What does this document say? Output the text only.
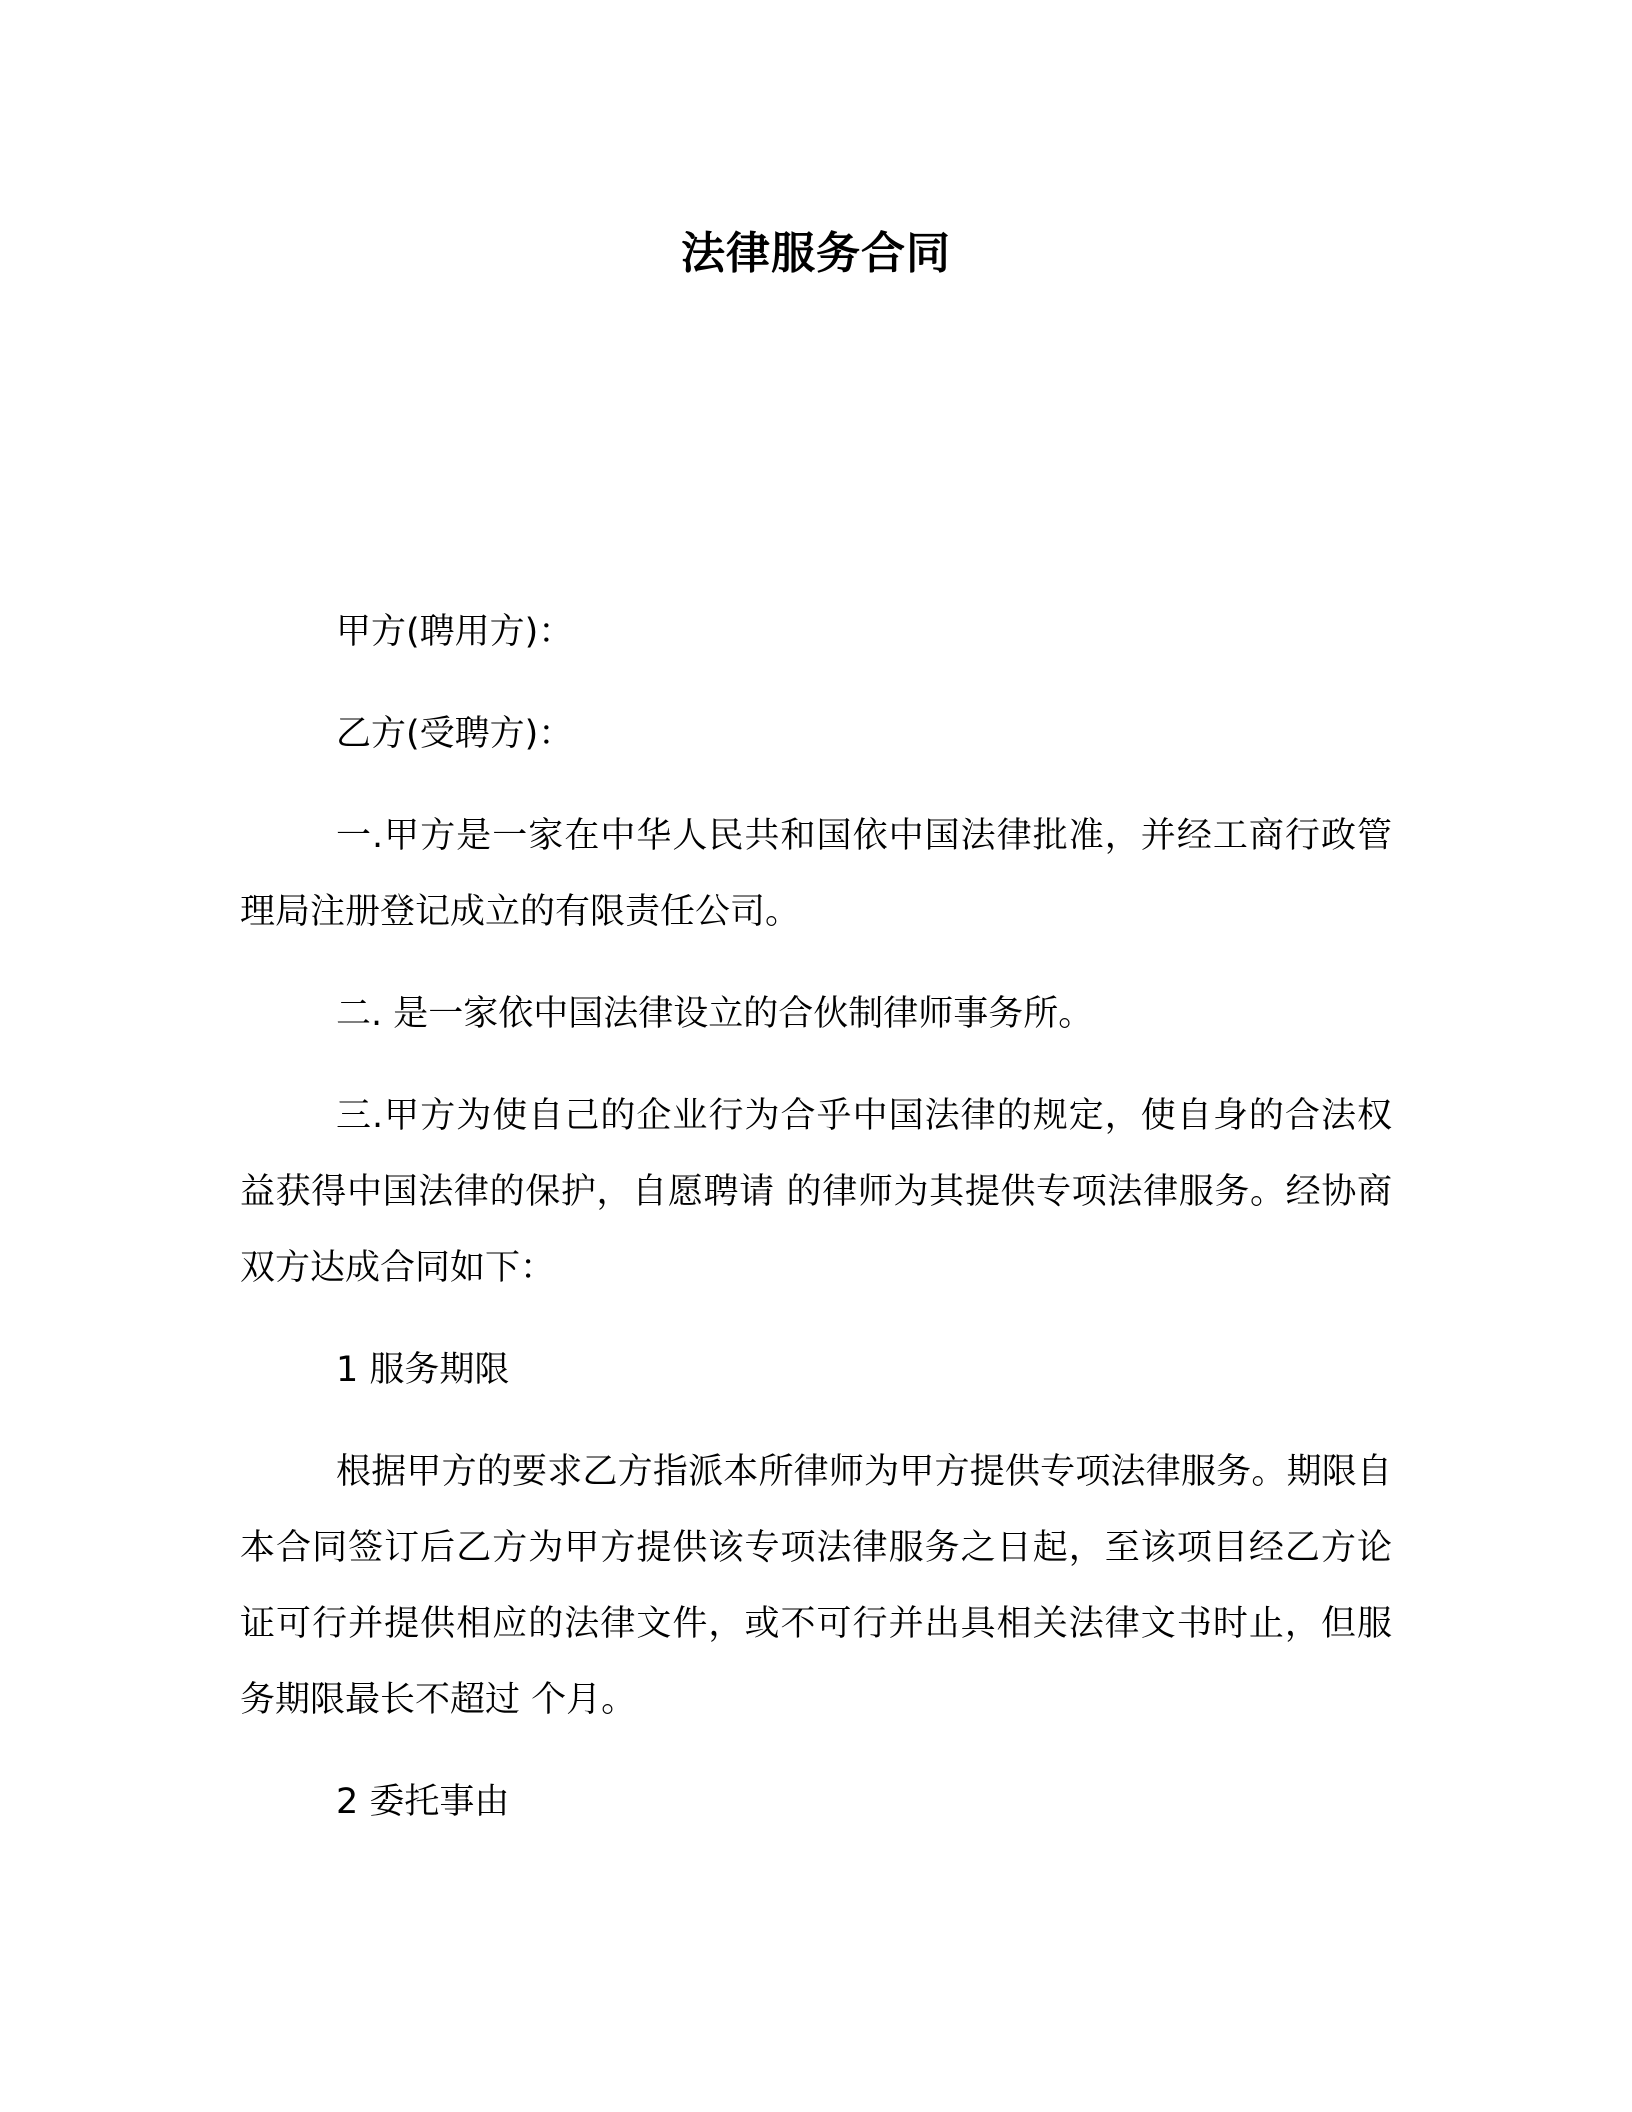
法律服务合同

甲方(聘用方)：

乙方(受聘方)：

一.甲方是一家在中华人民共和国依中国法律批准，并经工商行政管理局注册登记成立的有限责任公司。

二. 是一家依中国法律设立的合伙制律师事务所。

三.甲方为使自己的企业行为合乎中国法律的规定，使自身的合法权益获得中国法律的保护，自愿聘请 的律师为其提供专项法律服务。经协商双方达成合同如下：

1 服务期限

根据甲方的要求乙方指派本所律师为甲方提供专项法律服务。期限自本合同签订后乙方为甲方提供该专项法律服务之日起，至该项目经乙方论证可行并提供相应的法律文件，或不可行并出具相关法律文书时止，但服务期限最长不超过 个月。

2 委托事由
